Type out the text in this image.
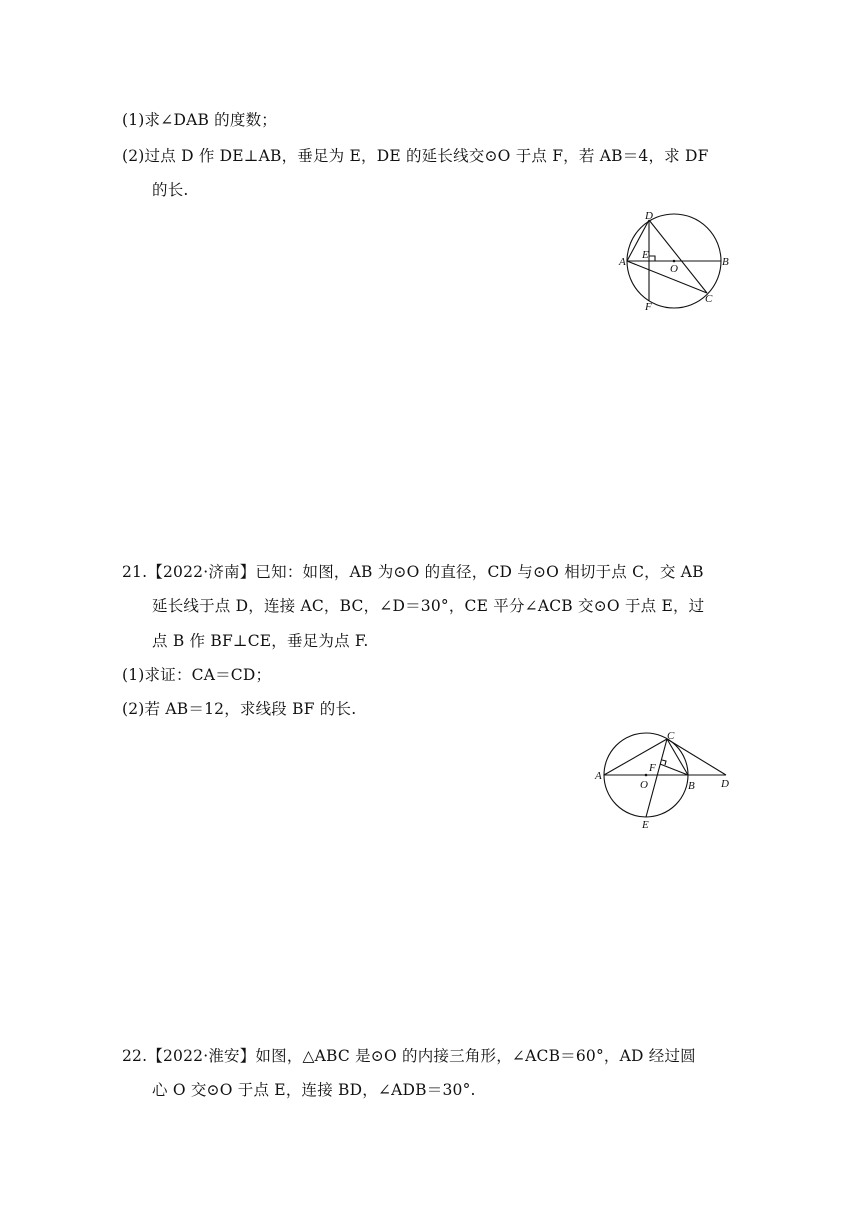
(1)求∠DAB 的度数；
(2)过点 D 作 DE⊥AB，垂足为 E，DE 的延长线交⊙O 于点 F，若 AB＝4，求 DF
的长.
D
E
A
O
B
C
F
21.【2022·济南】已知：如图，AB 为⊙O 的直径，CD 与⊙O 相切于点 C，交 AB
延长线于点 D，连接 AC，BC，∠D＝30°，CE 平分∠ACB 交⊙O 于点 E，过
点 B 作 BF⊥CE，垂足为点 F.
(1)求证：CA＝CD；
(2)若 AB＝12，求线段 BF 的长.
C
A
F
O	B D
E
22.【2022·淮安】如图，△ABC 是⊙O 的内接三角形，∠ACB＝60°，AD 经过圆
心 O 交⊙O 于点 E，连接 BD，∠ADB＝30°.
